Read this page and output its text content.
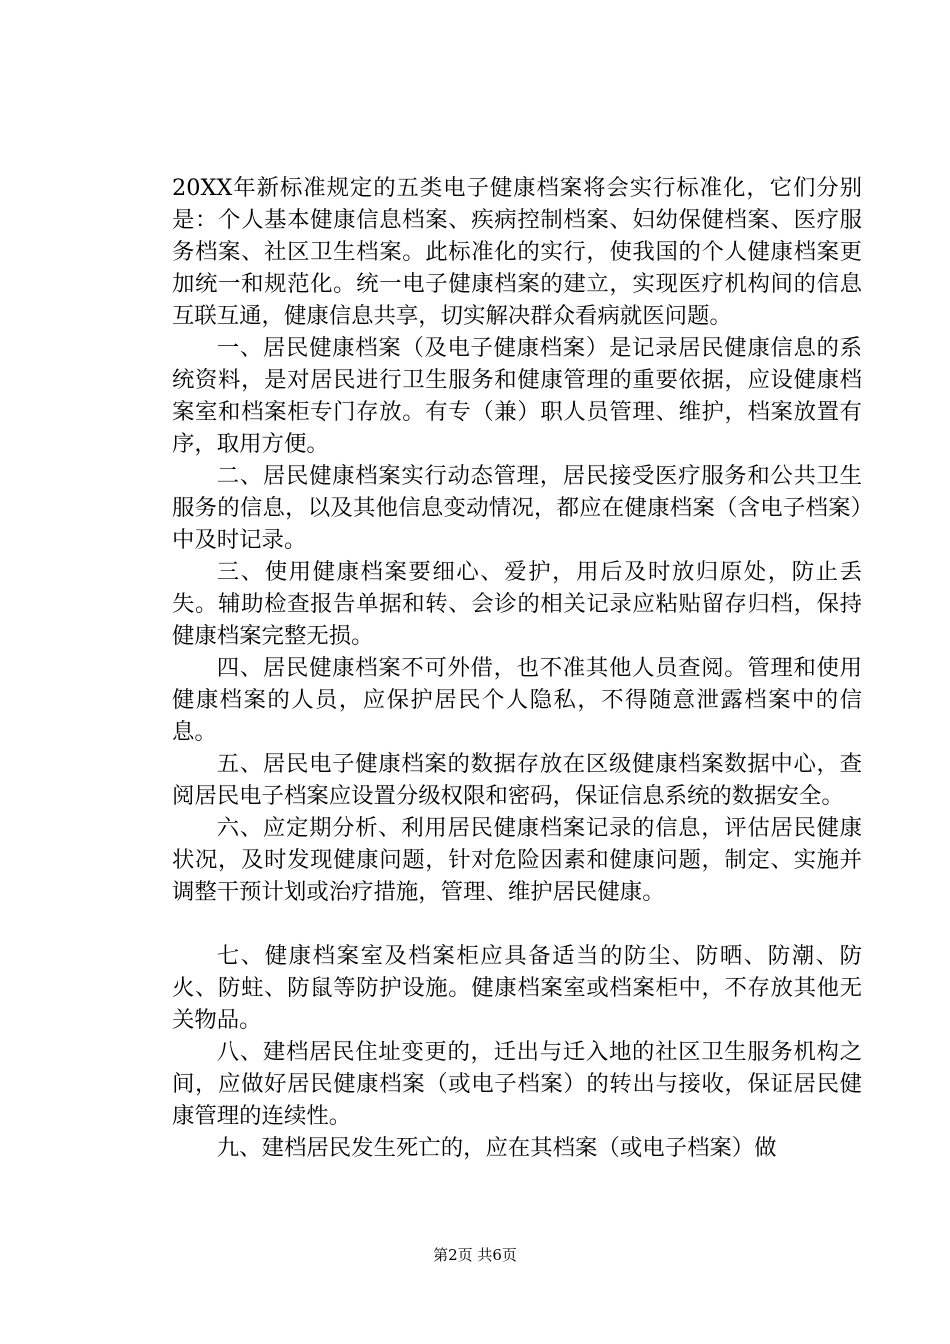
20XX年新标准规定的五类电子健康档案将会实行标准化，它们分别是：个人基本健康信息档案、疾病控制档案、妇幼保健档案、医疗服务档案、社区卫生档案。此标准化的实行，使我国的个人健康档案更加统一和规范化。统一电子健康档案的建立，实现医疗机构间的信息互联互通，健康信息共享，切实解决群众看病就医问题。

一、居民健康档案（及电子健康档案）是记录居民健康信息的系统资料，是对居民进行卫生服务和健康管理的重要依据，应设健康档案室和档案柜专门存放。有专（兼）职人员管理、维护，档案放置有序，取用方便。

二、居民健康档案实行动态管理，居民接受医疗服务和公共卫生服务的信息，以及其他信息变动情况，都应在健康档案（含电子档案）中及时记录。

三、使用健康档案要细心、爱护，用后及时放归原处，防止丢失。辅助检查报告单据和转、会诊的相关记录应粘贴留存归档，保持健康档案完整无损。

四、居民健康档案不可外借，也不准其他人员查阅。管理和使用健康档案的人员，应保护居民个人隐私，不得随意泄露档案中的信息。

五、居民电子健康档案的数据存放在区级健康档案数据中心，查阅居民电子档案应设置分级权限和密码，保证信息系统的数据安全。

六、应定期分析、利用居民健康档案记录的信息，评估居民健康状况，及时发现健康问题，针对危险因素和健康问题，制定、实施并调整干预计划或治疗措施，管理、维护居民健康。

七、健康档案室及档案柜应具备适当的防尘、防晒、防潮、防火、防蛀、防鼠等防护设施。健康档案室或档案柜中，不存放其他无关物品。

八、建档居民住址变更的，迁出与迁入地的社区卫生服务机构之间，应做好居民健康档案（或电子档案）的转出与接收，保证居民健康管理的连续性。

九、建档居民发生死亡的，应在其档案（或电子档案）做

第2页 共6页
